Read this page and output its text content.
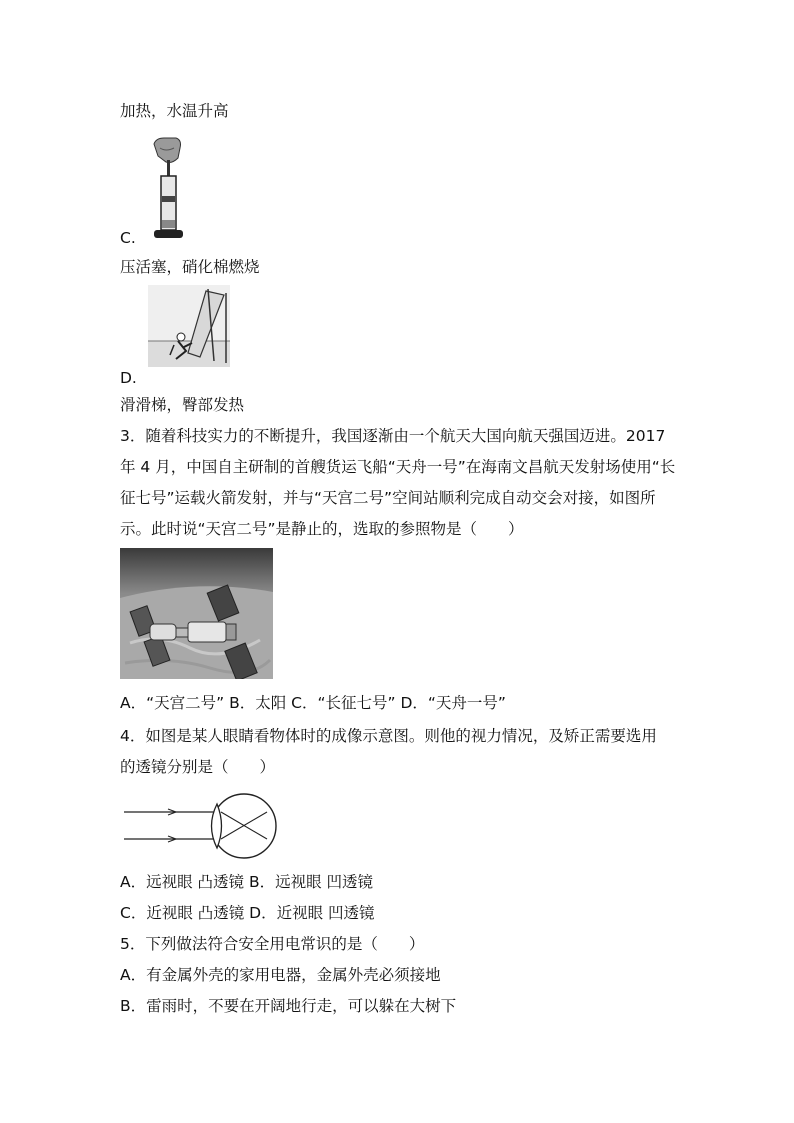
加热，水温升高
C.
压活塞，硝化棉燃烧
D.
滑滑梯，臀部发热
3．随着科技实力的不断提升，我国逐渐由一个航天大国向航天强国迈进。2017
年 4 月，中国自主研制的首艘货运飞船“天舟一号”在海南文昌航天发射场使用“长
征七号”运载火箭发射，并与“天宫二号”空间站顺利完成自动交会对接，如图所
示。此时说“天宫二号”是静止的，选取的参照物是（　　）
A．“天宫二号” B．太阳 C．“长征七号” D．“天舟一号”
4．如图是某人眼睛看物体时的成像示意图。则他的视力情况，及矫正需要选用
的透镜分别是（　　）
A．远视眼 凸透镜 B．远视眼 凹透镜
C．近视眼 凸透镜 D．近视眼 凹透镜
5．下列做法符合安全用电常识的是（　　）
A．有金属外壳的家用电器，金属外壳必须接地
B．雷雨时，不要在开阔地行走，可以躲在大树下
